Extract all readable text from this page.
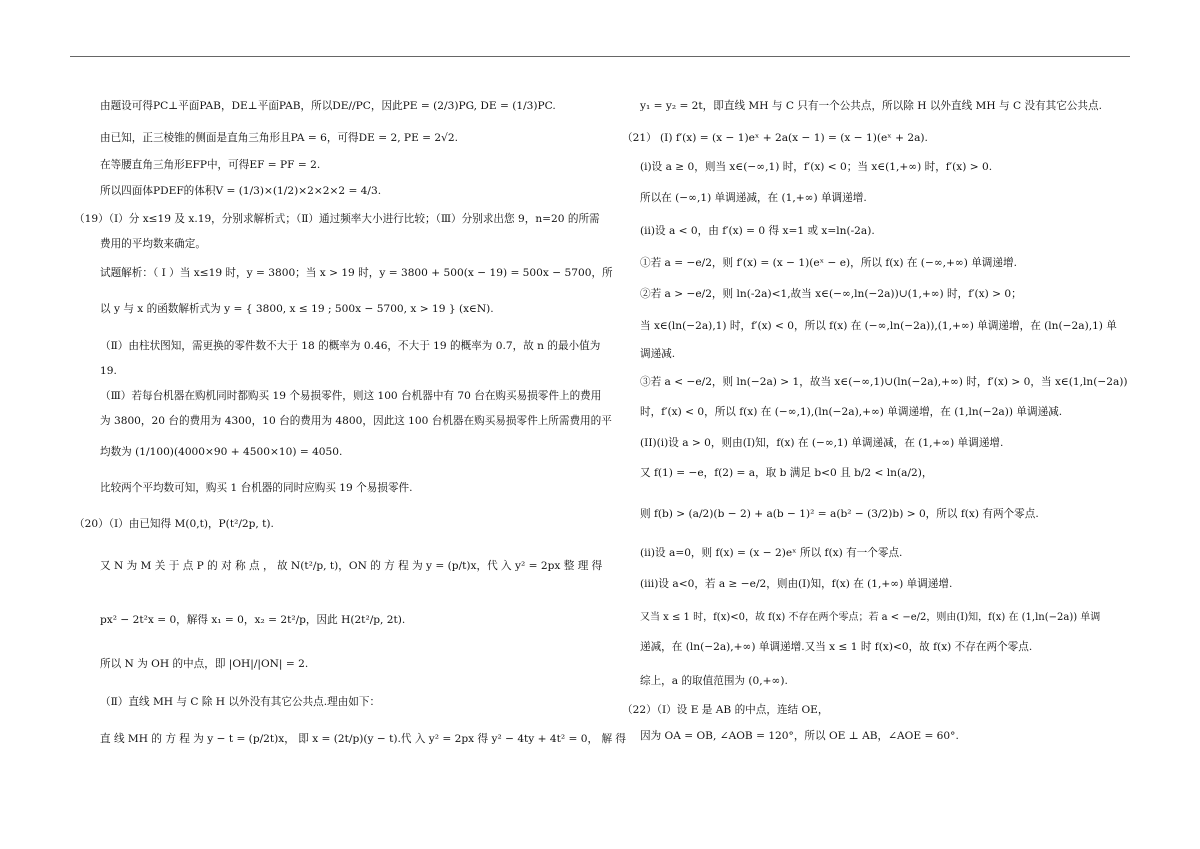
由题设可得PC⊥平面PAB，DE⊥平面PAB，所以DE//PC，因此PE = (2/3)PG, DE = (1/3)PC.
由已知，正三棱锥的侧面是直角三角形且PA = 6，可得DE = 2, PE = 2√2.
在等腰直角三角形EFP中，可得EF = PF = 2.
所以四面体PDEF的体积V = (1/3)×(1/2)×2×2×2 = 4/3.
（19）（Ⅰ）分 x≤19 及 x.19，分别求解析式；（Ⅱ）通过频率大小进行比较；（Ⅲ）分别求出您 9，n=20 的所需
费用的平均数来确定。
试题解析：（ Ⅰ ）当 x≤19 时，y = 3800；当 x > 19 时，y = 3800 + 500(x − 19) = 500x − 5700，所
以 y 与 x 的函数解析式为 y = { 3800, x ≤ 19 ; 500x − 5700, x > 19 } (x∈N).
（Ⅱ）由柱状图知，需更换的零件数不大于 18 的概率为 0.46，不大于 19 的概率为 0.7，故 n 的最小值为
19.
（Ⅲ）若每台机器在购机同时都购买 19 个易损零件，则这 100 台机器中有 70 台在购买易损零件上的费用
为 3800，20 台的费用为 4300，10 台的费用为 4800，因此这 100 台机器在购买易损零件上所需费用的平
均数为 (1/100)(4000×90 + 4500×10) = 4050.
比较两个平均数可知，购买 1 台机器的同时应购买 19 个易损零件.
（20）（Ⅰ）由已知得 M(0,t)，P(t²/2p, t).
又 N 为 M 关 于 点 P 的 对 称 点 ， 故 N(t²/p, t)，ON 的 方 程 为 y = (p/t)x，代 入 y² = 2px 整 理 得
px² − 2t²x = 0，解得 x₁ = 0，x₂ = 2t²/p，因此 H(2t²/p, 2t).
所以 N 为 OH 的中点，即 |OH|/|ON| = 2.
（Ⅱ）直线 MH 与 C 除 H 以外没有其它公共点.理由如下：
直 线 MH 的 方 程 为 y − t = (p/2t)x， 即 x = (2t/p)(y − t).代 入 y² = 2px 得 y² − 4ty + 4t² = 0， 解 得
y₁ = y₂ = 2t，即直线 MH 与 C 只有一个公共点，所以除 H 以外直线 MH 与 C 没有其它公共点.
（21） (I) f′(x) = (x − 1)eˣ + 2a(x − 1) = (x − 1)(eˣ + 2a).
(i)设 a ≥ 0，则当 x∈(−∞,1) 时，f′(x) < 0；当 x∈(1,+∞) 时，f′(x) > 0.
所以在 (−∞,1) 单调递减，在 (1,+∞) 单调递增.
(ii)设 a < 0，由 f′(x) = 0 得 x=1 或 x=ln(-2a).
①若 a = −e/2，则 f′(x) = (x − 1)(eˣ − e)，所以 f(x) 在 (−∞,+∞) 单调递增.
②若 a > −e/2，则 ln(-2a)<1,故当 x∈(−∞,ln(−2a))∪(1,+∞) 时，f′(x) > 0；
当 x∈(ln(−2a),1) 时，f′(x) < 0，所以 f(x) 在 (−∞,ln(−2a)),(1,+∞) 单调递增，在 (ln(−2a),1) 单
调递减.
③若 a < −e/2，则 ln(−2a) > 1，故当 x∈(−∞,1)∪(ln(−2a),+∞) 时，f′(x) > 0，当 x∈(1,ln(−2a))
时，f′(x) < 0，所以 f(x) 在 (−∞,1),(ln(−2a),+∞) 单调递增，在 (1,ln(−2a)) 单调递减.
(II)(i)设 a > 0，则由(I)知，f(x) 在 (−∞,1) 单调递减，在 (1,+∞) 单调递增.
又 f(1) = −e，f(2) = a，取 b 满足 b<0 且 b/2 < ln(a/2)，
则 f(b) > (a/2)(b − 2) + a(b − 1)² = a(b² − (3/2)b) > 0，所以 f(x) 有两个零点.
(ii)设 a=0，则 f(x) = (x − 2)eˣ 所以 f(x) 有一个零点.
(iii)设 a<0，若 a ≥ −e/2，则由(I)知，f(x) 在 (1,+∞) 单调递增.
又当 x ≤ 1 时，f(x)<0，故 f(x) 不存在两个零点；若 a < −e/2，则由(I)知，f(x) 在 (1,ln(−2a)) 单调
递减，在 (ln(−2a),+∞) 单调递增.又当 x ≤ 1 时 f(x)<0，故 f(x) 不存在两个零点.
综上，a 的取值范围为 (0,+∞).
（22）（Ⅰ）设 E 是 AB 的中点，连结 OE，
因为 OA = OB, ∠AOB = 120°，所以 OE ⊥ AB，∠AOE = 60°.
